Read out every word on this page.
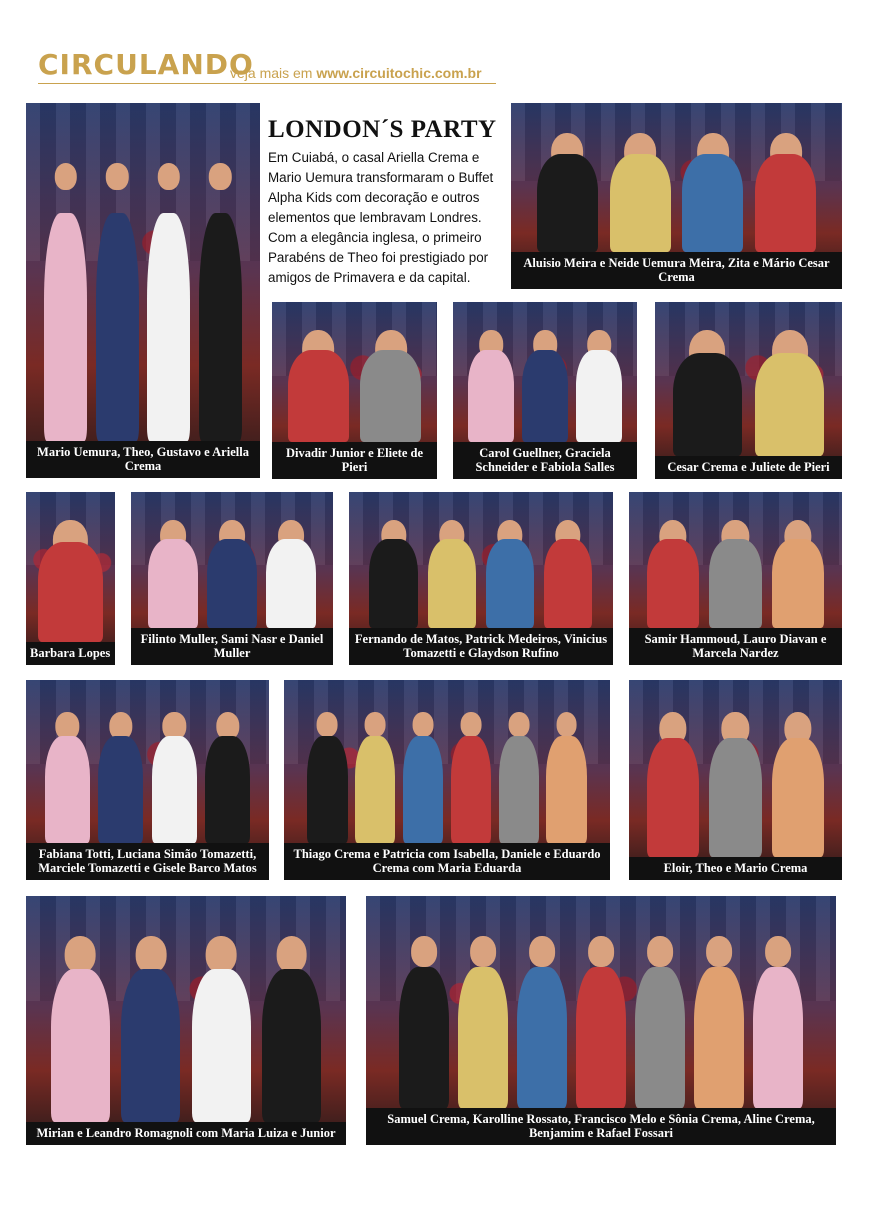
CIRCULANDO
veja mais em www.circuitochic.com.br
LONDON´S PARTY

Em Cuiabá, o casal Ariella Crema e Mario Uemura transformaram o Buffet Alpha Kids com decoração e outros elementos que lembravam Londres. Com a elegância inglesa, o primeiro Parabéns de Theo foi prestigiado por amigos de Primavera e da capital.

Mario Uemura, Theo, Gustavo e Ariella Crema
Aluisio Meira e Neide Uemura Meira, Zita e Mário Cesar Crema
Divadir Junior e Eliete de Pieri
Carol Guellner, Graciela Schneider e Fabiola Salles	Cesar Crema e Juliete de Pieri
Barbara Lopes
Filinto Muller, Sami Nasr e Daniel Muller
Fernando de Matos, Patrick Medeiros, Vinicius Tomazetti e Glaydson Rufino
Samir Hammoud, Lauro Diavan e Marcela Nardez
Fabiana Totti, Luciana Simão Tomazetti, Marciele Tomazetti e Gisele Barco Matos
Thiago Crema e Patricia com Isabella, Daniele e Eduardo Crema com Maria Eduarda	Eloir, Theo e Mario Crema
Mirian e Leandro Romagnoli com Maria Luiza e Junior
Samuel Crema, Karolline Rossato, Francisco Melo e Sônia Crema, Aline Crema, Benjamim e Rafael Fossari
